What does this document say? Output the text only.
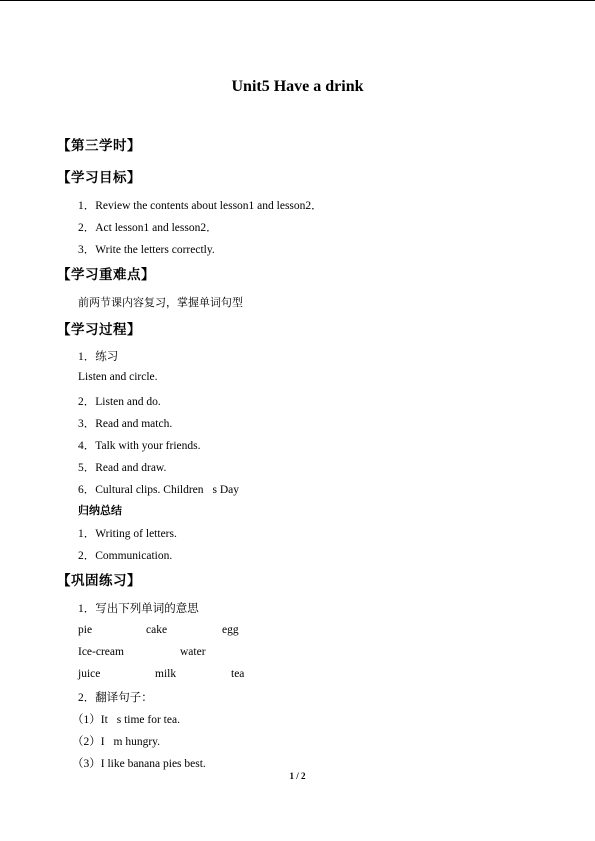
Unit5 Have a drink
【第三学时】
【学习目标】
1．Review the contents about lesson1 and lesson2．
2．Act lesson1 and lesson2．
3．Write the letters correctly.
【学习重难点】
前两节课内容复习，掌握单词句型
【学习过程】
1．练习
Listen and circle.
2．Listen and do.
3．Read and match.
4．Talk with your friends.
5．Read and draw.
6．Cultural clips. Children s Day
归纳总结
1．Writing of letters.
2．Communication.
【巩固练习】
1．写出下列单词的意思
pie	cake	egg
Ice-cream	water
juice	milk	tea
2．翻译句子：
（1）It s time for tea.
（2）I m hungry.
（3）I like banana pies best.
1 / 2
